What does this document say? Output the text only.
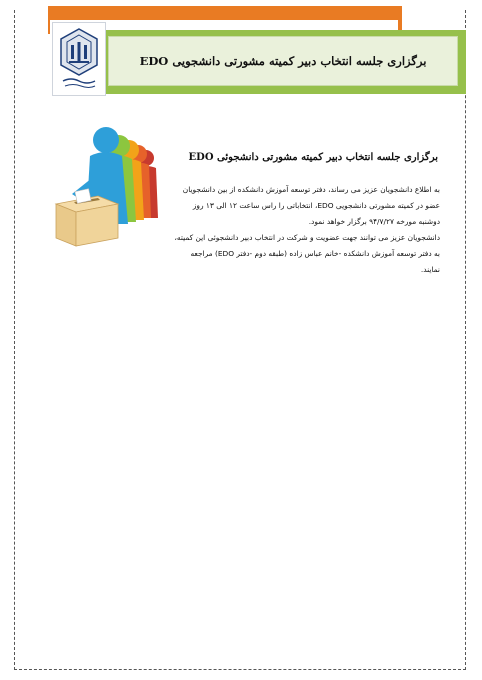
برگزاری جلسه انتخاب دبیر کمیته مشورتی دانشجویی EDO
برگزاری جلسه انتخاب دبیر کمیته مشورتی دانشجوئی EDO

به اطلاع دانشجویان عزیز می رساند، دفتر توسعه آموزش دانشکده از بین دانشجویان عضو در کمیته مشورتی دانشجویی EDO، انتخاباتی را راس ساعت ۱۲ الی ۱۳ روز دوشنبه مورخه ۹۴/۷/۲۷ برگزار خواهد نمود.

دانشجویان عزیز می توانند جهت عضویت و شرکت در انتخاب دبیر دانشجوئی این کمیته، به دفتر توسعه آموزش دانشکده -خانم عباس زاده (طبقه دوم -دفتر EDO) مراجعه نمایند.
